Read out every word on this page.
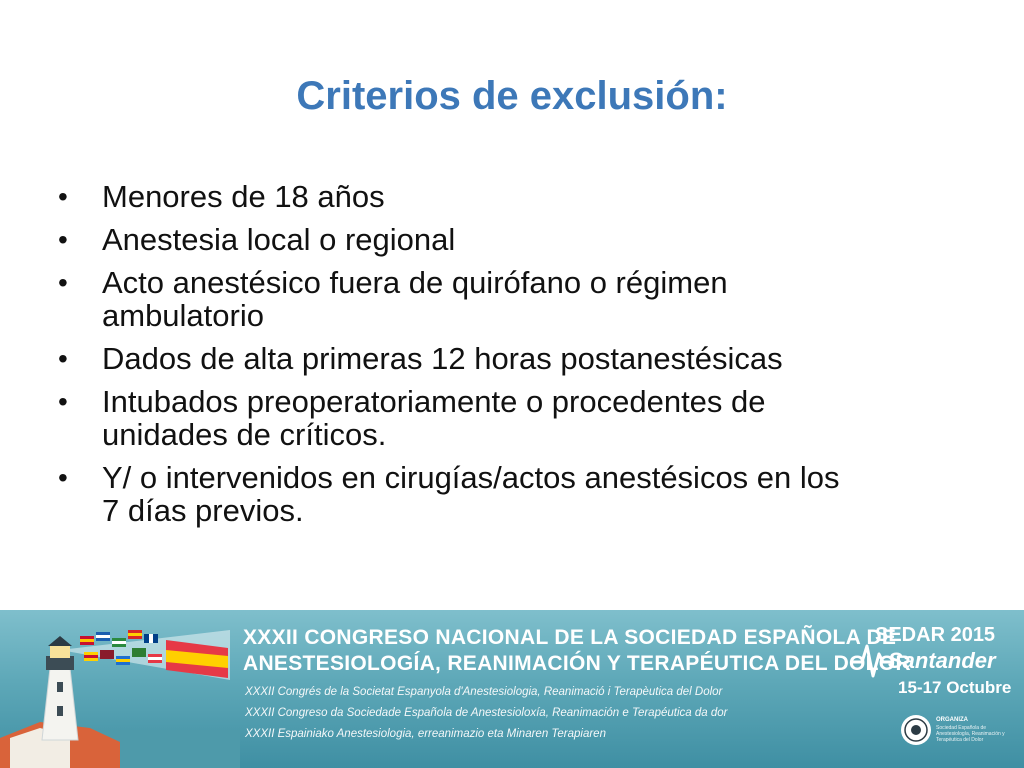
Criterios de exclusión:
• Menores de 18 años
• Anestesia local o regional
• Acto anestésico fuera de quirófano o régimen
ambulatorio
• Dados de alta primeras 12 horas postanestésicas
• Intubados preoperatoriamente o procedentes de
unidades de críticos.
• Y/ o intervenidos en cirugías/actos anestésicos en los
7 días previos.
XXXII CONGRESO NACIONAL DE LA SOCIEDAD ESPAÑOLA DE
ANESTESIOLOGÍA, REANIMACIÓN Y TERAPÉUTICA DEL DOLOR
XXXII Congrés de la Societat Espanyola d'Anestesiologia, Reanimació i Terapèutica del Dolor
XXXII Congreso da Sociedade Española de Anestesioloxía, Reanimación e Terapéutica da dor
XXXII Espainiako Anestesiologia, erreanimazio eta Minaren Terapiaren
SEDAR 2015
Santander
15-17 Octubre
ORGANIZA
Sociedad Española de Anestesiología, Reanimación y Terapéutica del Dolor
